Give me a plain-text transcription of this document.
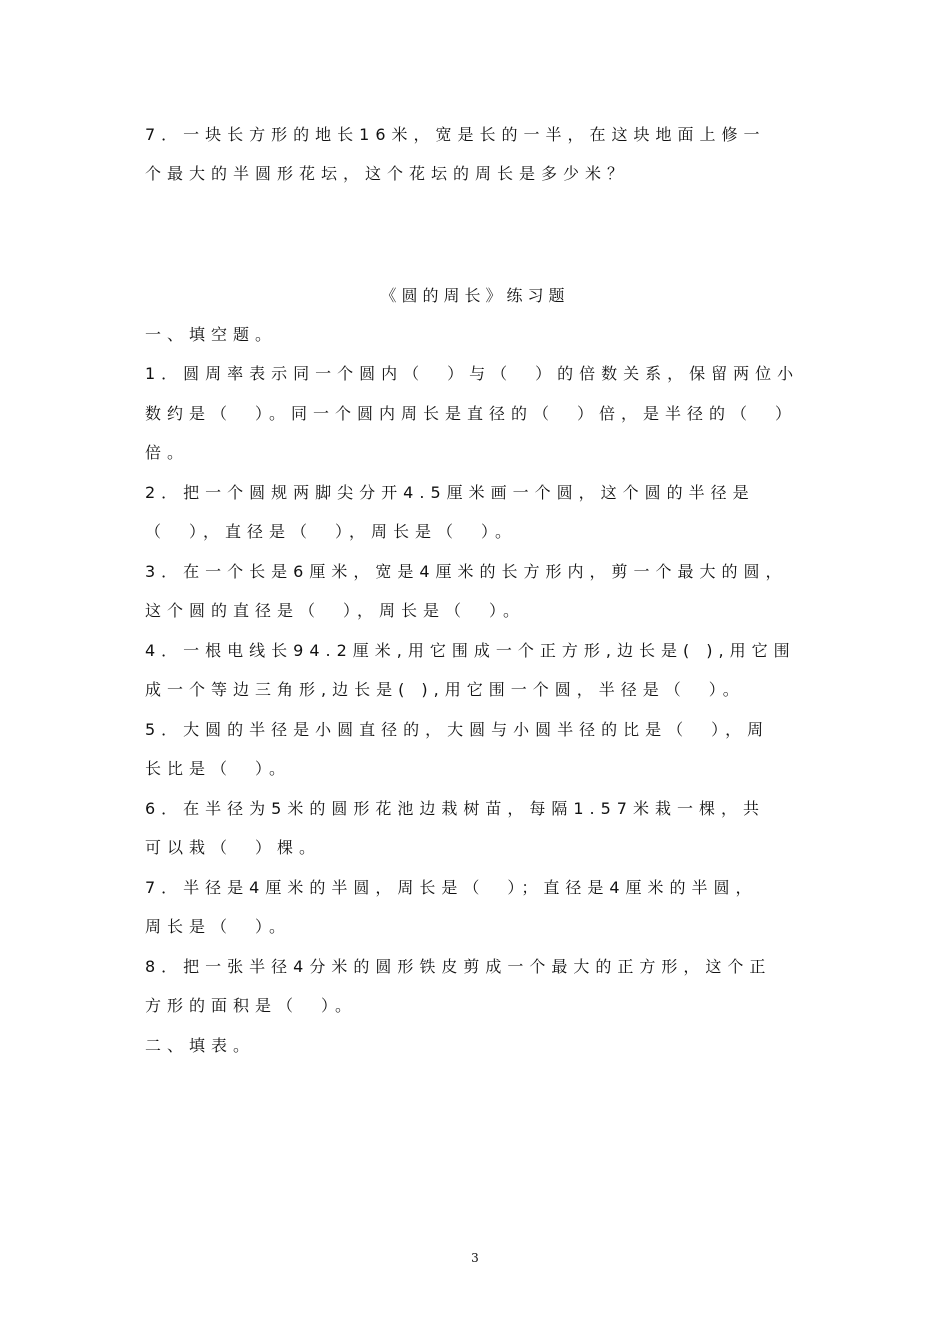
7．一块长方形的地长16米，宽是长的一半，在这块地面上修一
个最大的半圆形花坛，这个花坛的周长是多少米？
《圆的周长》练习题
一、填空题。
1．圆周率表示同一个圆内（　）与（　）的倍数关系，保留两位小
数约是（　）。同一个圆内周长是直径的（　）倍，是半径的（　）
倍。
2．把一个圆规两脚尖分开4.5厘米画一个圆，这个圆的半径是
（　），直径是（　），周长是（　）。
3．在一个长是6厘米，宽是4厘米的长方形内，剪一个最大的圆，
这个圆的直径是（　），周长是（　）。
4．一根电线长94.2厘米,用它围成一个正方形,边长是( ),用它围
成一个等边三角形,边长是( ),用它围一个圆，半径是（　）。
5．大圆的半径是小圆直径的，大圆与小圆半径的比是（　），周
长比是（　）。
6．在半径为5米的圆形花池边栽树苗，每隔1.57米栽一棵，共
可以栽（　）棵。
7．半径是4厘米的半圆，周长是（　）；直径是4厘米的半圆，
周长是（　）。
8．把一张半径4分米的圆形铁皮剪成一个最大的正方形，这个正
方形的面积是（　）。
二、填表。
3
